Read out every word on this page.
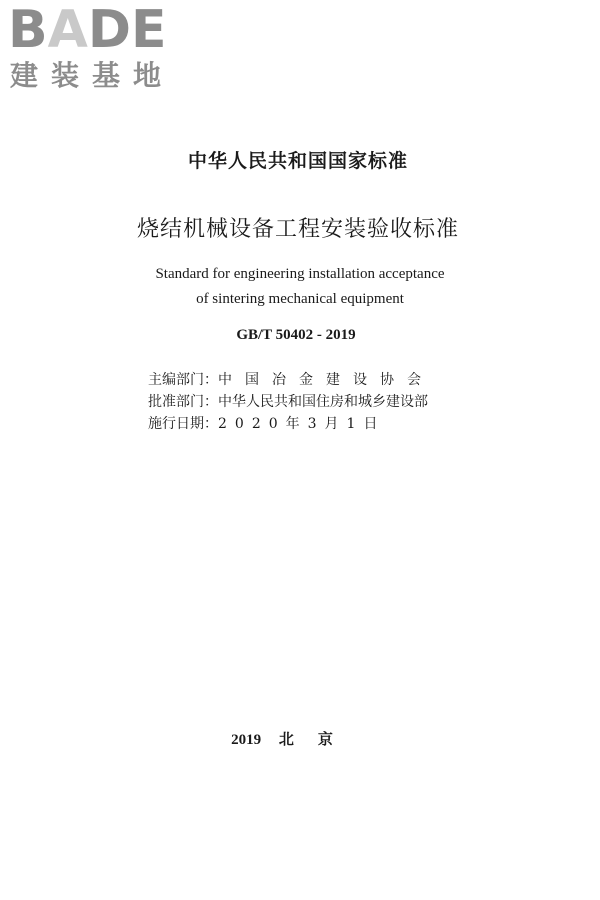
BADE
建装基地
中华人民共和国国家标准
烧结机械设备工程安装验收标准
Standard for engineering installation acceptance
of sintering mechanical equipment
GB/T 50402 - 2019
主编部门： 中国冶金建设协会
批准部门： 中华人民共和国住房和城乡建设部
施行日期： 2020年3月1日
2019 北京
